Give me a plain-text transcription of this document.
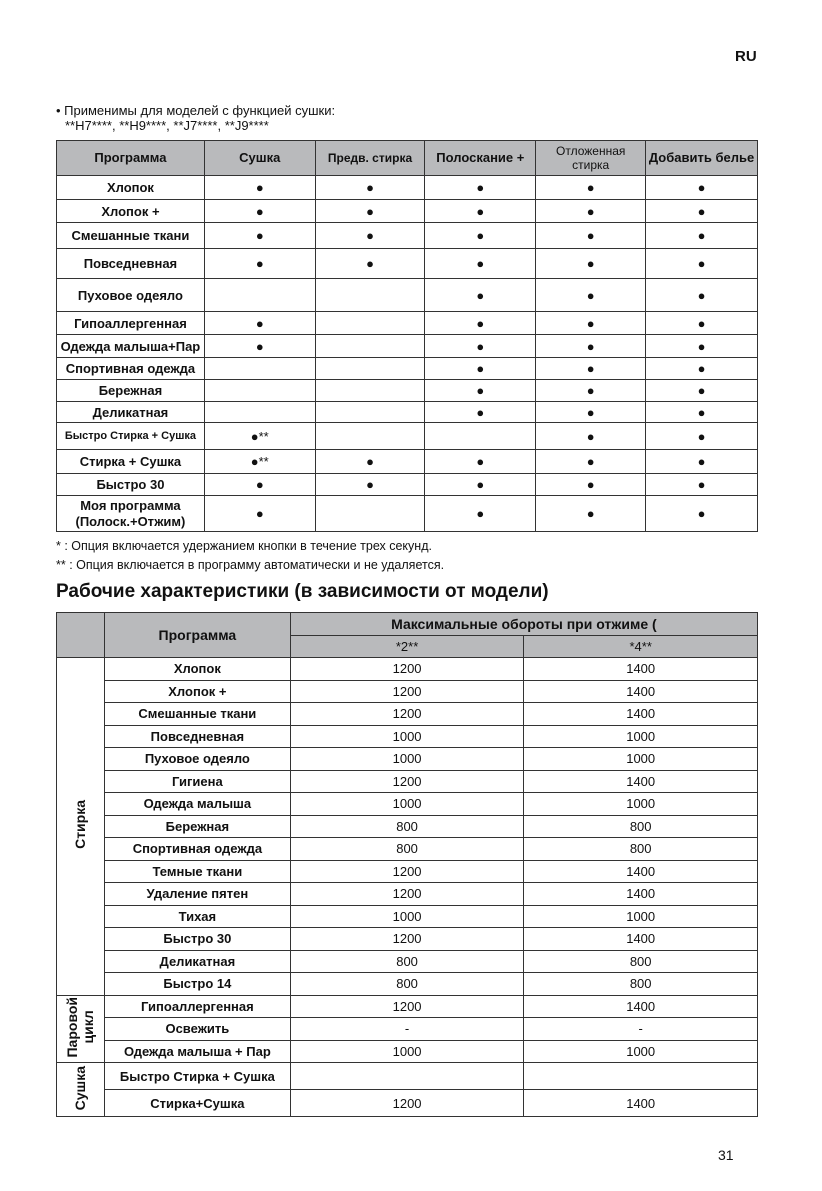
RU
• Применимы для моделей с функцией сушки:
**H7****, **H9****, **J7****, **J9****
Программа	Сушка	Предв. стирка	Полоскание +	Отложенная стирка	Добавить белье
Хлопок	●	●	●	●	●
Хлопок +	●	●	●	●	●
Смешанные ткани	●	●	●	●	●
Повседневная	●	●	●	●	●
Пуховое одеяло			●	●	●
Гипоаллергенная	●		●	●	●
Одежда малыша+Пар	●		●	●	●
Спортивная одежда			●	●	●
Бережная			●	●	●
Деликатная			●	●	●
Быстро Стирка + Сушка	●**			●	●
Стирка + Сушка	●**	●	●	●	●
Быстро 30	●	●	●	●	●
Моя программа (Полоск.+Отжим)	●		●	●	●
* : Опция включается удержанием кнопки в течение трех секунд.
** : Опция включается в программу автоматически и не удаляется.
Рабочие характеристики (в зависимости от модели)
	Программа	Максимальные обороты при отжиме (	
		*2**	*4**
Стирка	Хлопок	1200	1400
	Хлопок +	1200	1400
	Смешанные ткани	1200	1400
	Повседневная	1000	1000
	Пуховое одеяло	1000	1000
	Гигиена	1200	1400
	Одежда малыша	1000	1000
	Бережная	800	800
	Спортивная одежда	800	800
	Темные ткани	1200	1400
	Удаление пятен	1200	1400
	Тихая	1000	1000
	Быстро 30	1200	1400
	Деликатная	800	800
	Быстро 14	800	800
Паровой цикл	Гипоаллергенная	1200	1400
	Освежить	-	-
	Одежда малыша + Пар	1000	1000
Сушка	Быстро Стирка + Сушка		
	Стирка+Сушка	1200	1400
31
